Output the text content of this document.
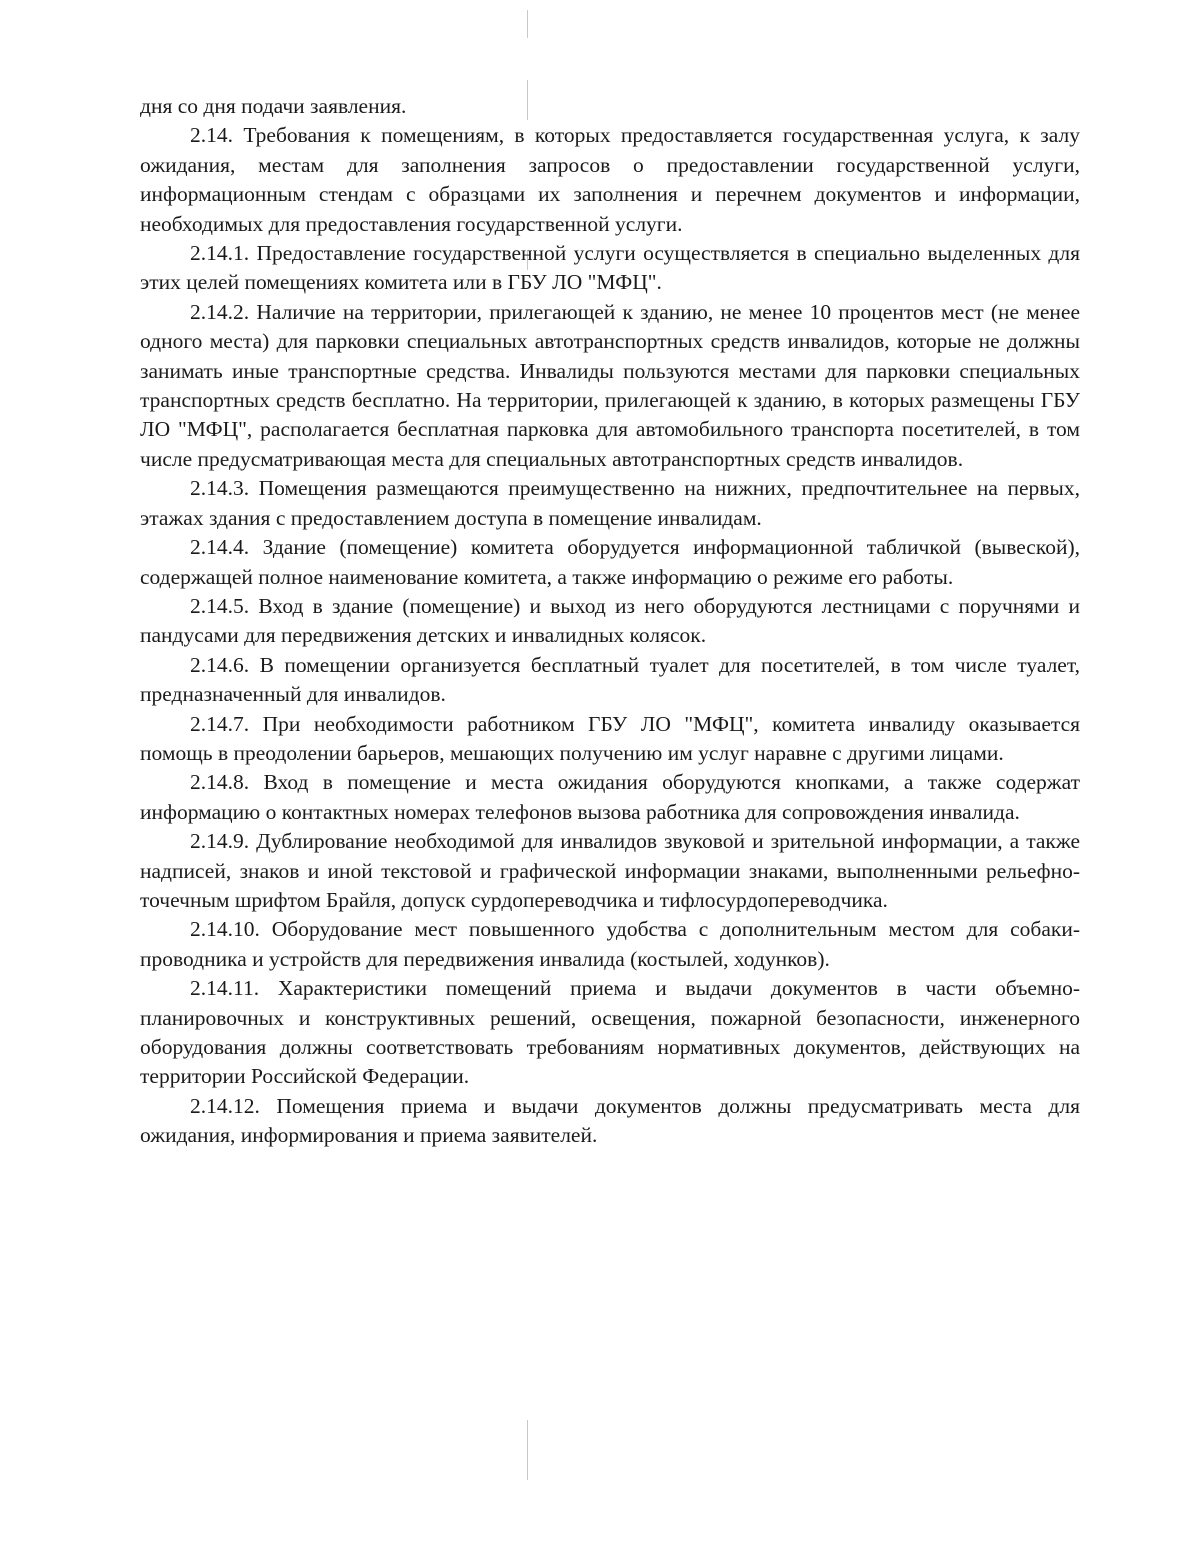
дня со дня подачи заявления.

2.14. Требования к помещениям, в которых предоставляется государственная услуга, к залу ожидания, местам для заполнения запросов о предоставлении государственной услуги, информационным стендам с образцами их заполнения и перечнем документов и информации, необходимых для предоставления государственной услуги.

2.14.1. Предоставление государственной услуги осуществляется в специально выделенных для этих целей помещениях комитета или в ГБУ ЛО "МФЦ".

2.14.2. Наличие на территории, прилегающей к зданию, не менее 10 процентов мест (не менее одного места) для парковки специальных автотранспортных средств инвалидов, которые не должны занимать иные транспортные средства. Инвалиды пользуются местами для парковки специальных транспортных средств бесплатно. На территории, прилегающей к зданию, в которых размещены ГБУ ЛО "МФЦ", располагается бесплатная парковка для автомобильного транспорта посетителей, в том числе предусматривающая места для специальных автотранспортных средств инвалидов.

2.14.3. Помещения размещаются преимущественно на нижних, предпочтительнее на первых, этажах здания с предоставлением доступа в помещение инвалидам.

2.14.4. Здание (помещение) комитета оборудуется информационной табличкой (вывеской), содержащей полное наименование комитета, а также информацию о режиме его работы.

2.14.5. Вход в здание (помещение) и выход из него оборудуются лестницами с поручнями и пандусами для передвижения детских и инвалидных колясок.

2.14.6. В помещении организуется бесплатный туалет для посетителей, в том числе туалет, предназначенный для инвалидов.

2.14.7. При необходимости работником ГБУ ЛО "МФЦ", комитета инвалиду оказывается помощь в преодолении барьеров, мешающих получению им услуг наравне с другими лицами.

2.14.8. Вход в помещение и места ожидания оборудуются кнопками, а также содержат информацию о контактных номерах телефонов вызова работника для сопровождения инвалида.

2.14.9. Дублирование необходимой для инвалидов звуковой и зрительной информации, а также надписей, знаков и иной текстовой и графической информации знаками, выполненными рельефно-точечным шрифтом Брайля, допуск сурдопереводчика и тифлосурдопереводчика.

2.14.10. Оборудование мест повышенного удобства с дополнительным местом для собаки-проводника и устройств для передвижения инвалида (костылей, ходунков).

2.14.11. Характеристики помещений приема и выдачи документов в части объемно-планировочных и конструктивных решений, освещения, пожарной безопасности, инженерного оборудования должны соответствовать требованиям нормативных документов, действующих на территории Российской Федерации.

2.14.12. Помещения приема и выдачи документов должны предусматривать места для ожидания, информирования и приема заявителей.
